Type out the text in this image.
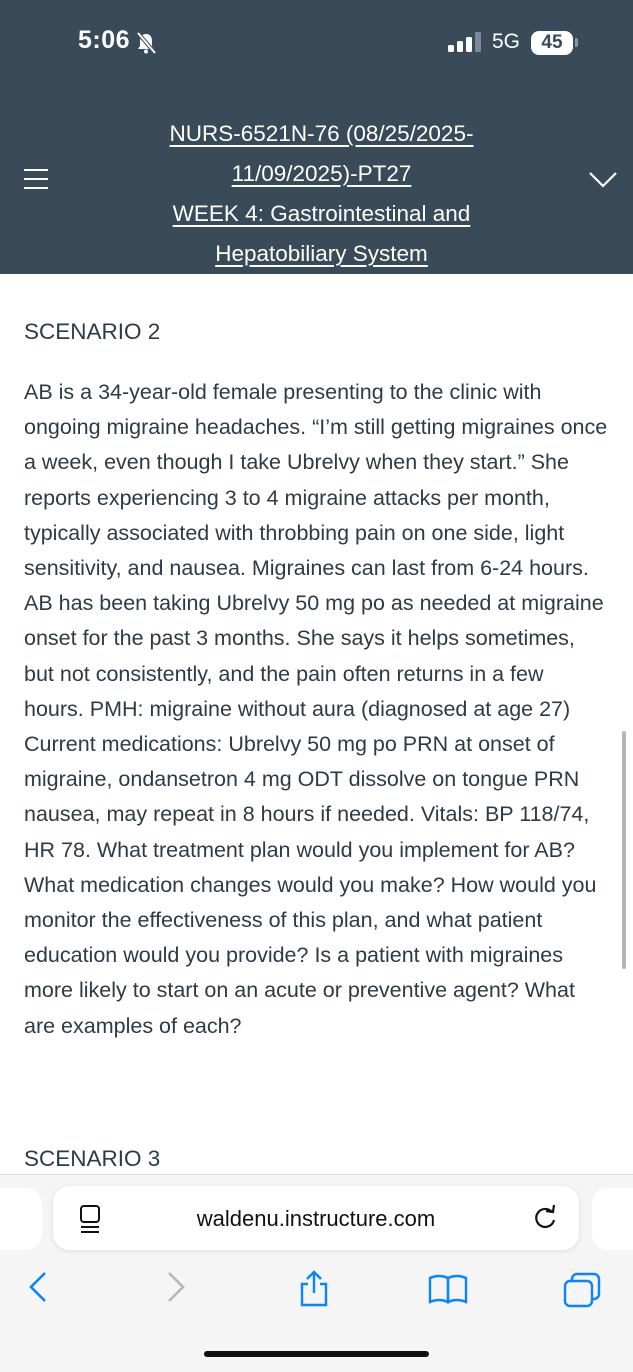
5:06	5G	45
NURS-6521N-76 (08/25/2025-
11/09/2025)-PT27
WEEK 4: Gastrointestinal and
Hepatobiliary System

SCENARIO 2

AB is a 34-year-old female presenting to the clinic with ongoing migraine headaches. “I’m still getting migraines once a week, even though I take Ubrelvy when they start.” She reports experiencing 3 to 4 migraine attacks per month, typically associated with throbbing pain on one side, light sensitivity, and nausea. Migraines can last from 6-24 hours. AB has been taking Ubrelvy 50 mg po as needed at migraine onset for the past 3 months. She says it helps sometimes, but not consistently, and the pain often returns in a few hours. PMH: migraine without aura (diagnosed at age 27) Current medications: Ubrelvy 50 mg po PRN at onset of migraine, ondansetron 4 mg ODT dissolve on tongue PRN nausea, may repeat in 8 hours if needed. Vitals: BP 118/74, HR 78. What treatment plan would you implement for AB? What medication changes would you make? How would you monitor the effectiveness of this plan, and what patient education would you provide? Is a patient with migraines more likely to start on an acute or preventive agent? What are examples of each?

SCENARIO 3
waldenu.instructure.com
